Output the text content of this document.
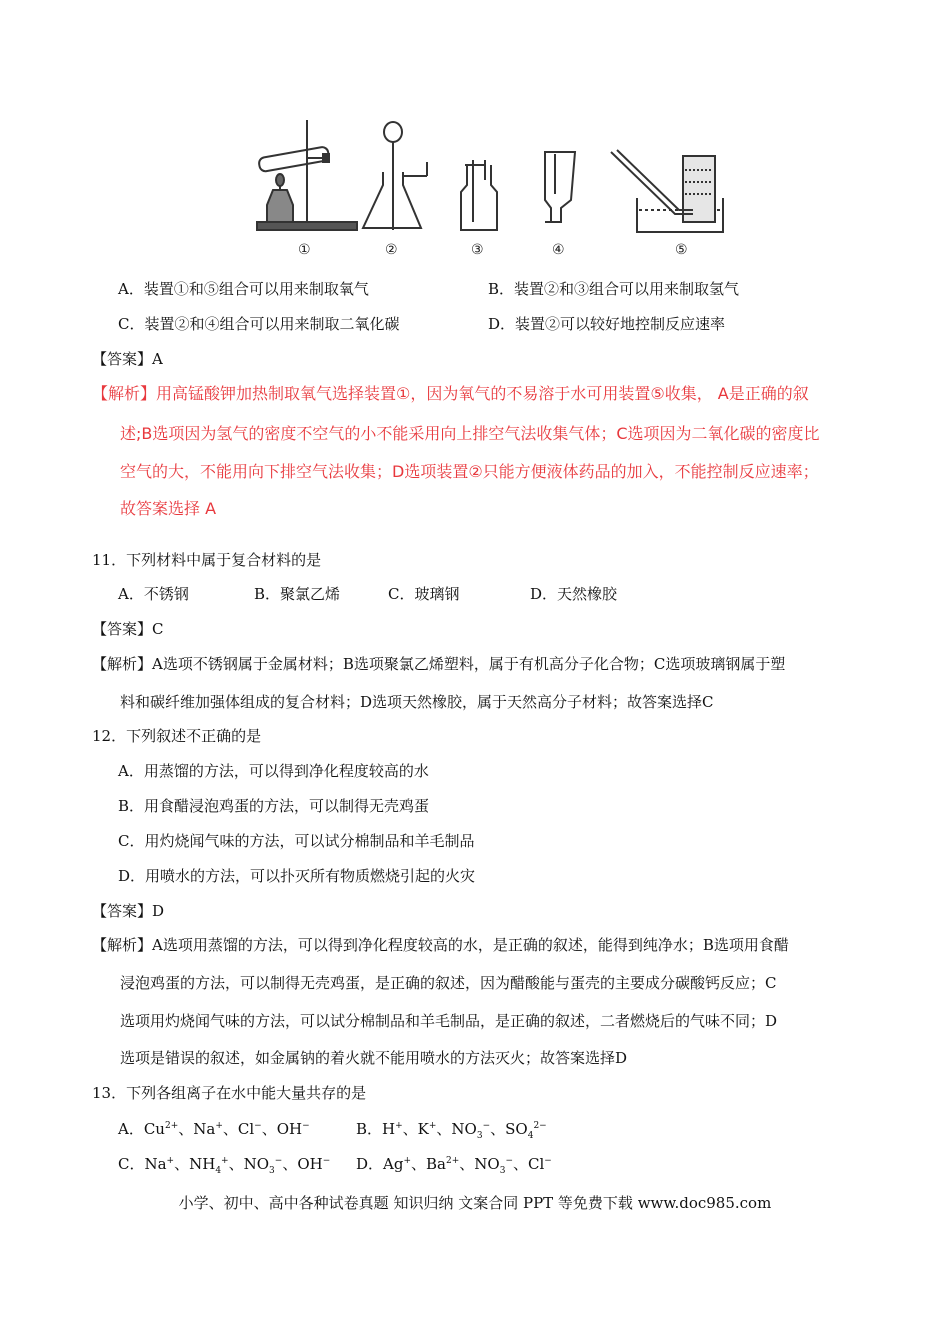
①	②	③	④	⑤
A．装置①和⑤组合可以用来制取氧气	B．装置②和③组合可以用来制取氢气
C．装置②和④组合可以用来制取二氧化碳	D．装置②可以较好地控制反应速率
【答案】A
【解析】用高锰酸钾加热制取氧气选择装置①，因为氧气的不易溶于水可用装置⑤收集， A是正确的叙
述;B选项因为氢气的密度不空气的小不能采用向上排空气法收集气体；C选项因为二氧化碳的密度比
空气的大，不能用向下排空气法收集；D选项装置②只能方便液体药品的加入，不能控制反应速率；
故答案选择 A
11．下列材料中属于复合材料的是
A．不锈钢	B．聚氯乙烯	C．玻璃钢	D．天然橡胶
【答案】C
【解析】A选项不锈钢属于金属材料；B选项聚氯乙烯塑料，属于有机高分子化合物；C选项玻璃钢属于塑
料和碳纤维加强体组成的复合材料；D选项天然橡胶，属于天然高分子材料；故答案选择C
12．下列叙述不正确的是
A．用蒸馏的方法，可以得到净化程度较高的水
B．用食醋浸泡鸡蛋的方法，可以制得无壳鸡蛋
C．用灼烧闻气味的方法，可以试分棉制品和羊毛制品
D．用喷水的方法，可以扑灭所有物质燃烧引起的火灾
【答案】D
【解析】A选项用蒸馏的方法，可以得到净化程度较高的水，是正确的叙述，能得到纯净水；B选项用食醋
浸泡鸡蛋的方法，可以制得无壳鸡蛋，是正确的叙述，因为醋酸能与蛋壳的主要成分碳酸钙反应；C
选项用灼烧闻气味的方法，可以试分棉制品和羊毛制品，是正确的叙述，二者燃烧后的气味不同；D
选项是错误的叙述，如金属钠的着火就不能用喷水的方法灭火；故答案选择D
13．下列各组离子在水中能大量共存的是
A．$Cu^{2+}$、Na+、Cl−、OH−	B．H+、K+、$NO_3^-$、$SO_4^{2-}$
C．Na+、$NH_4^+$、$NO_3^-$、OH− D．Ag+、$Ba^{2+}$、$NO_3^-$、Cl−
小学、初中、高中各种试卷真题 知识归纳 文案合同 PPT 等免费下载 www.doc985.com
